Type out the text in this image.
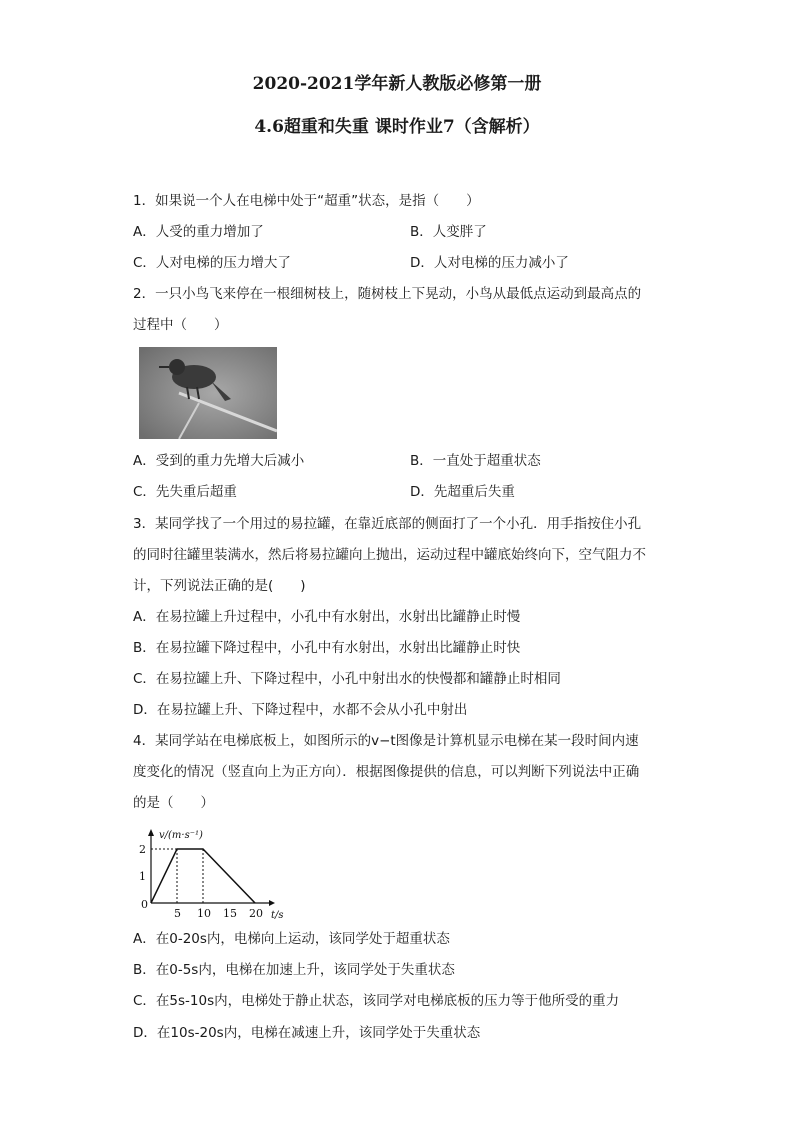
2020-2021学年新人教版必修第一册
4.6超重和失重 课时作业7（含解析）
1．如果说一个人在电梯中处于“超重”状态，是指（　　）
A．人受的重力增加了	B．人变胖了
C．人对电梯的压力增大了	D．人对电梯的压力减小了
2．一只小鸟飞来停在一根细树枝上，随树枝上下晃动，小鸟从最低点运动到最高点的
过程中（　　）
A．受到的重力先增大后减小	B．一直处于超重状态
C．先失重后超重	D．先超重后失重
3．某同学找了一个用过的易拉罐，在靠近底部的侧面打了一个小孔．用手指按住小孔
的同时往罐里装满水，然后将易拉罐向上抛出，运动过程中罐底始终向下，空气阻力不
计，下列说法正确的是(　　)
A．在易拉罐上升过程中，小孔中有水射出，水射出比罐静止时慢
B．在易拉罐下降过程中，小孔中有水射出，水射出比罐静止时快
C．在易拉罐上升、下降过程中，小孔中射出水的快慢都和罐静止时相同
D．在易拉罐上升、下降过程中，水都不会从小孔中射出
4．某同学站在电梯底板上，如图所示的v−t图像是计算机显示电梯在某一段时间内速
度变化的情况（竖直向上为正方向）．根据图像提供的信息，可以判断下列说法中正确
的是（　　）
v/(m·s⁻¹)
t/s
0
5 10 15 20
1
2
A．在0-20s内，电梯向上运动，该同学处于超重状态
B．在0-5s内，电梯在加速上升，该同学处于失重状态
C．在5s-10s内，电梯处于静止状态，该同学对电梯底板的压力等于他所受的重力
D．在10s-20s内，电梯在减速上升，该同学处于失重状态
